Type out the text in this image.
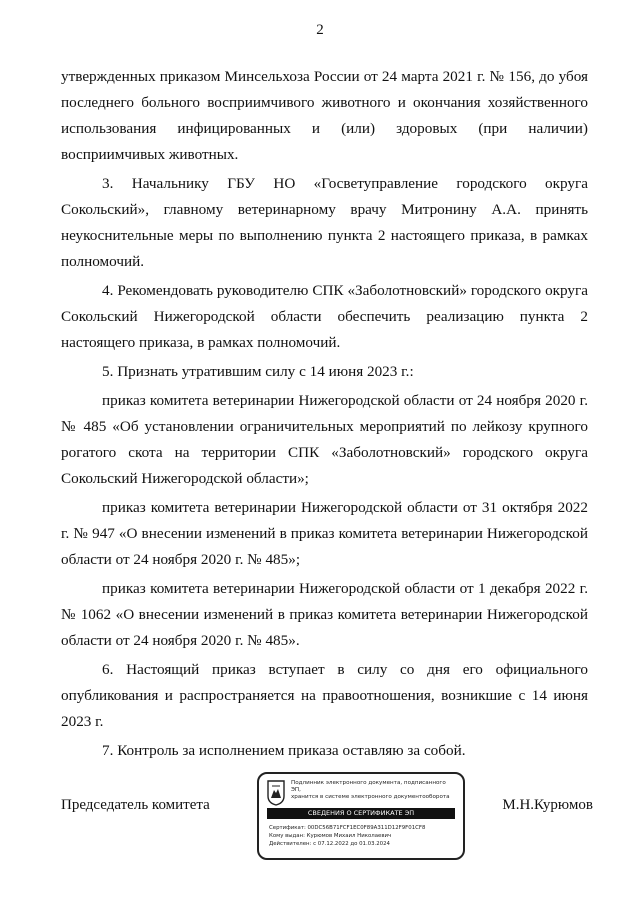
2

утвержденных приказом Минсельхоза России от 24 марта 2021 г. № 156, до убоя последнего больного восприимчивого животного и окончания хозяйственного использования инфицированных и (или) здоровых (при наличии) восприимчивых животных.

3. Начальнику ГБУ НО «Госветуправление городского округа Сокольский», главному ветеринарному врачу Митронину А.А. принять неукоснительные меры по выполнению пункта 2 настоящего приказа, в рамках полномочий.

4. Рекомендовать руководителю СПК «Заболотновский» городского округа Сокольский Нижегородской области обеспечить реализацию пункта 2 настоящего приказа, в рамках полномочий.

5. Признать утратившим силу с 14 июня 2023 г.:

приказ комитета ветеринарии Нижегородской области от 24 ноября 2020 г. № 485 «Об установлении ограничительных мероприятий по лейкозу крупного рогатого скота на территории СПК «Заболотновский» городского округа Сокольский Нижегородской области»;

приказ комитета ветеринарии Нижегородской области от 31 октября 2022 г. № 947 «О внесении изменений в приказ комитета ветеринарии Нижегородской области от 24 ноября 2020 г. № 485»;

приказ комитета ветеринарии Нижегородской области от 1 декабря 2022 г. № 1062 «О внесении изменений в приказ комитета ветеринарии Нижегородской области от 24 ноября 2020 г. № 485».

6. Настоящий приказ вступает в силу со дня его официального опубликования и распространяется на правоотношения, возникшие с 14 июня 2023 г.

7. Контроль за исполнением приказа оставляю за собой.

Председатель комитета
Подлинник электронного документа, подписанного ЭП,
хранится в системе электронного документооборота
СВЕДЕНИЯ О СЕРТИФИКАТЕ ЭП
Сертификат: 00DC56B71FCF1EC0F89A311D12F9F01CF8
Кому выдан: Курюмов Михаил Николаевич
Действителен: с 07.12.2022 до 01.03.2024
М.Н.Курюмов
